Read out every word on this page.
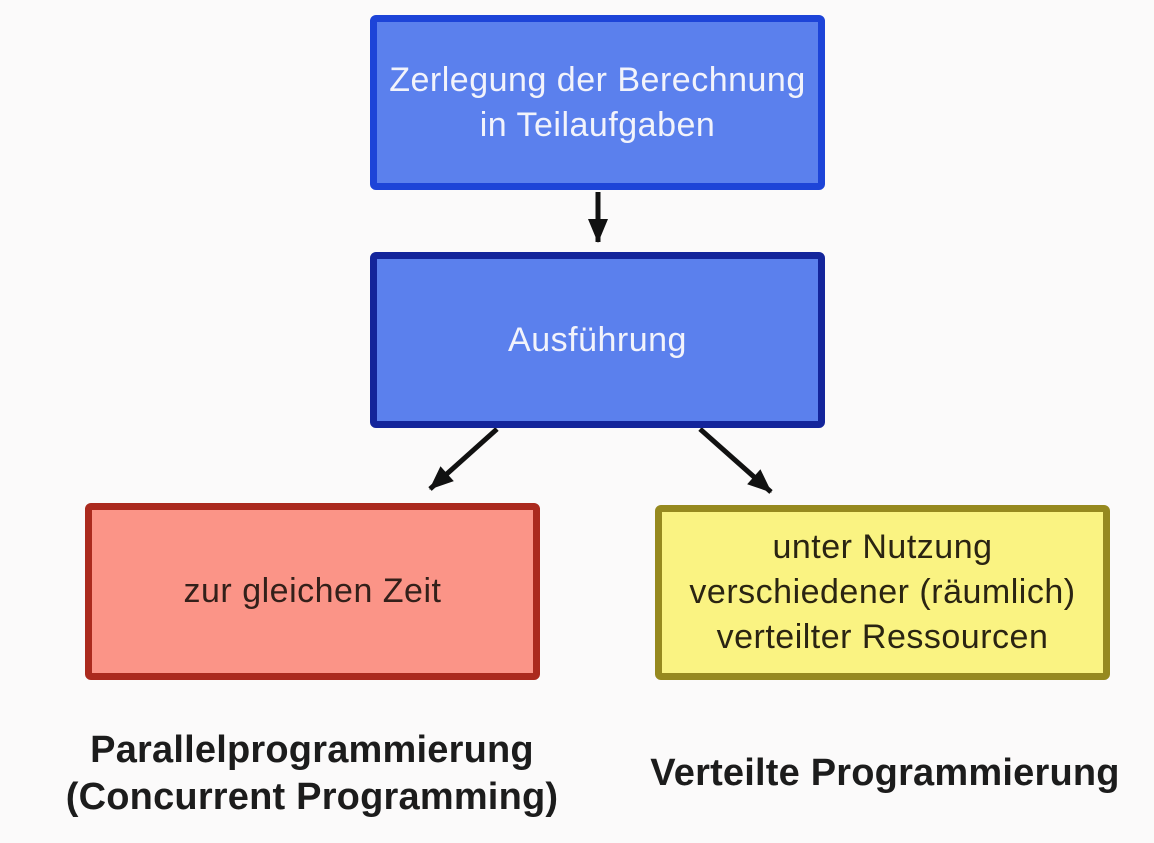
Zerlegung der Berechnung
in Teilaufgaben
Ausführung
zur gleichen Zeit
unter Nutzung
verschiedener (räumlich)
verteilter Ressourcen
Parallelprogrammierung
(Concurrent Programming)
Verteilte Programmierung
